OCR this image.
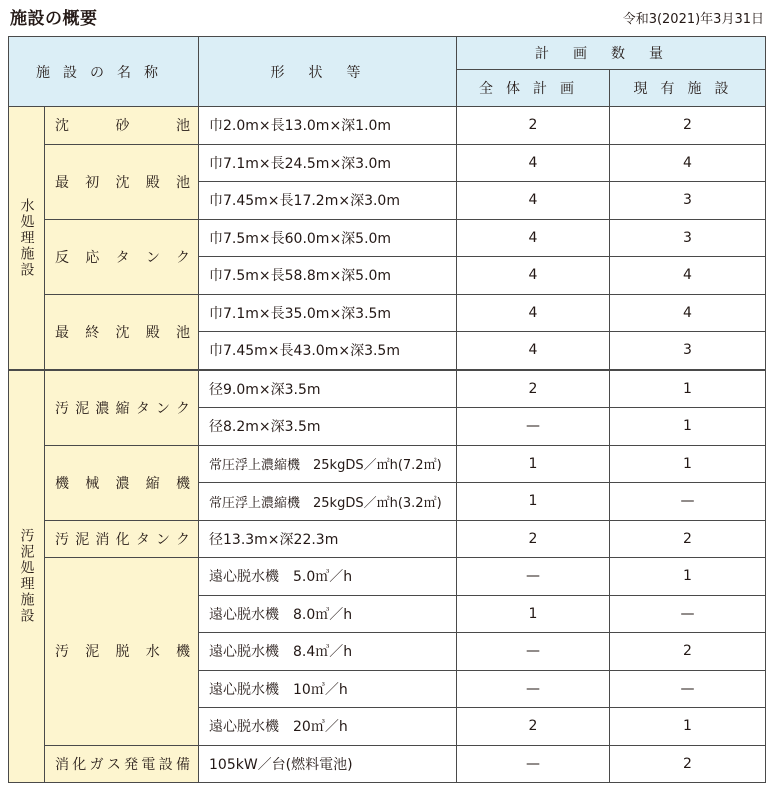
施設の概要	令和3(2021)年3月31日
施設の名称		形状等	計画数量	
			全体計画	現有施設
水処理施設	沈砂池	巾2.0m×長13.0m×深1.0m	2	2
	最初沈殿池	巾7.1m×長24.5m×深3.0m	4	4
		巾7.45m×長17.2m×深3.0m	4	3
	反応タンク	巾7.5m×長60.0m×深5.0m	4	3
		巾7.5m×長58.8m×深5.0m	4	4
	最終沈殿池	巾7.1m×長35.0m×深3.5m	4	4
		巾7.45m×長43.0m×深3.5m	4	3
汚泥処理施設	汚泥濃縮タンク	径9.0m×深3.5m	2	1
		径8.2m×深3.5m	—	1
	機械濃縮機	常圧浮上濃縮機　25kgDS／㎡h(7.2㎡)	1	1
		常圧浮上濃縮機　25kgDS／㎡h(3.2㎡)	1	—
	汚泥消化タンク	径13.3m×深22.3m	2	2
	汚泥脱水機	遠心脱水機　5.0㎥／h	—	1
		遠心脱水機　8.0㎥／h	1	—
		遠心脱水機　8.4㎥／h	—	2
		遠心脱水機　10㎥／h	—	—
		遠心脱水機　20㎥／h	2	1
	消化ガス発電設備	105kW／台(燃料電池)	—	2
